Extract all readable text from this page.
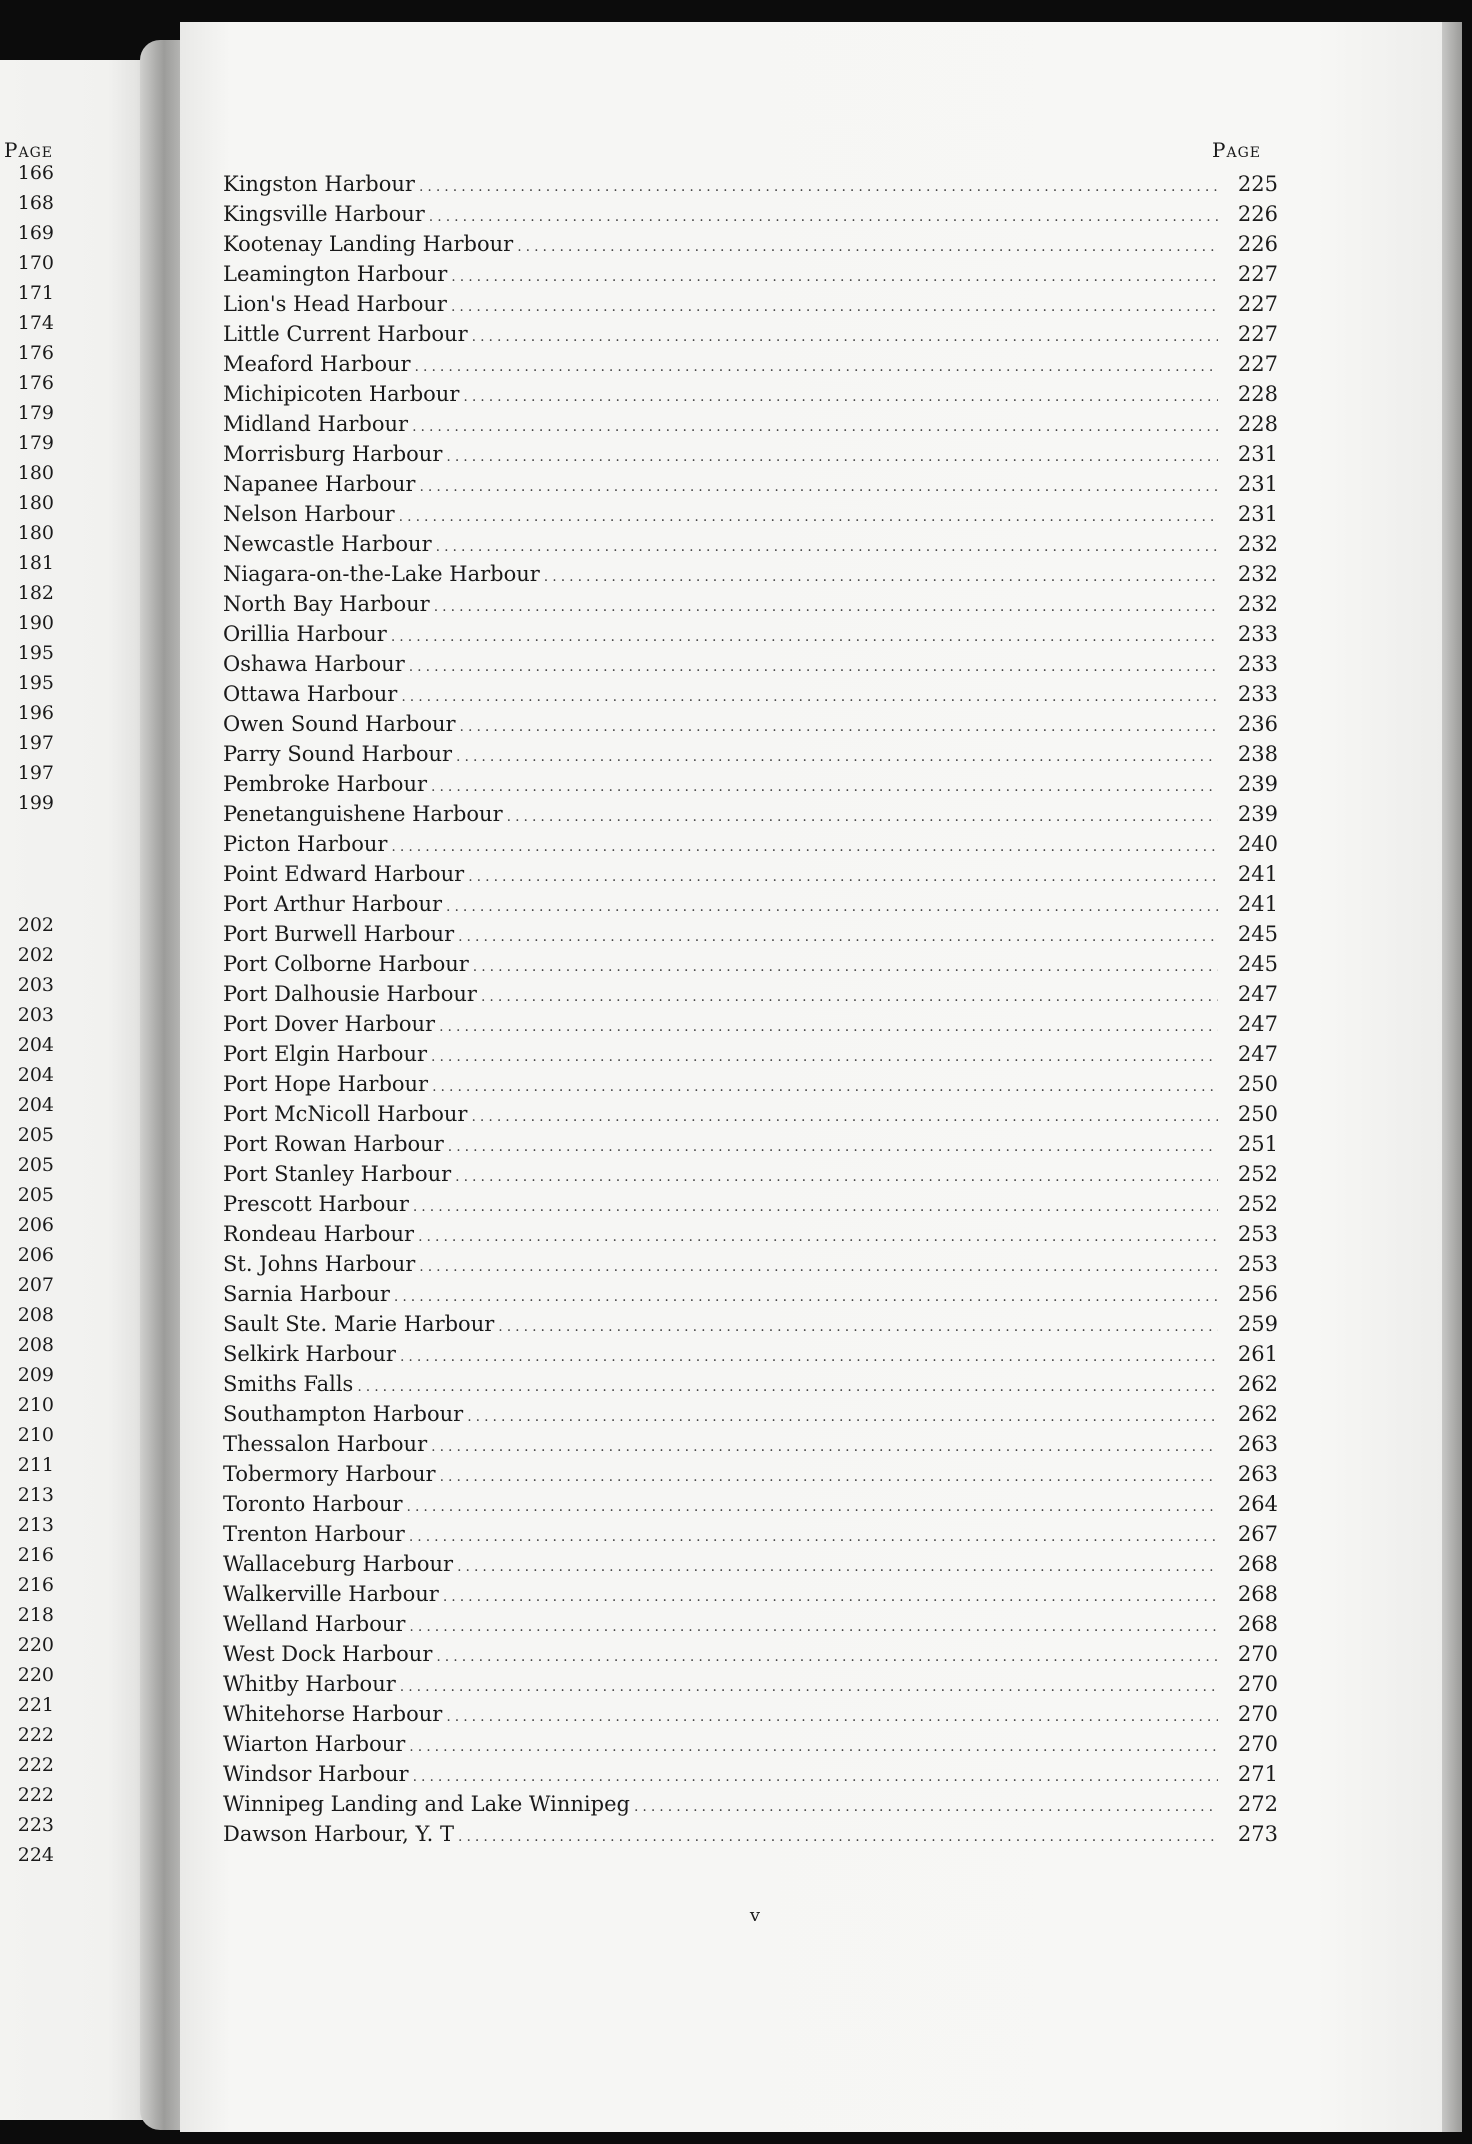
Page
166
168
169
170
171
174
176
176
179
179
180
180
180
181
182
190
195
195
196
197
197
199
202
202
203
203
204
204
204
205
205
205
206
206
207
208
208
209
210
210
211
213
213
216
216
218
220
220
221
222
222
222
223
224
Page
Kingston Harbour .....	225
Kingsville Harbour .....	226
Kootenay Landing Harbour .....	226
Leamington Harbour .....	227
Lion's Head Harbour .....	227
Little Current Harbour .....	227
Meaford Harbour .....	227
Michipicoten Harbour .....	228
Midland Harbour .....	228
Morrisburg Harbour .....	231
Napanee Harbour .....	231
Nelson Harbour .....	231
Newcastle Harbour .....	232
Niagara-on-the-Lake Harbour .....	232
North Bay Harbour .....	232
Orillia Harbour .....	233
Oshawa Harbour .....	233
Ottawa Harbour .....	233
Owen Sound Harbour .....	236
Parry Sound Harbour .....	238
Pembroke Harbour .....	239
Penetanguishene Harbour .....	239
Picton Harbour .....	240
Point Edward Harbour .....	241
Port Arthur Harbour .....	241
Port Burwell Harbour .....	245
Port Colborne Harbour .....	245
Port Dalhousie Harbour .....	247
Port Dover Harbour .....	247
Port Elgin Harbour .....	247
Port Hope Harbour .....	250
Port McNicoll Harbour .....	250
Port Rowan Harbour .....	251
Port Stanley Harbour .....	252
Prescott Harbour .....	252
Rondeau Harbour .....	253
St. Johns Harbour .....	253
Sarnia Harbour .....	256
Sault Ste. Marie Harbour .....	259
Selkirk Harbour .....	261
Smiths Falls .....	262
Southampton Harbour .....	262
Thessalon Harbour .....	263
Tobermory Harbour .....	263
Toronto Harbour .....	264
Trenton Harbour .....	267
Wallaceburg Harbour .....	268
Walkerville Harbour .....	268
Welland Harbour .....	268
West Dock Harbour .....	270
Whitby Harbour .....	270
Whitehorse Harbour .....	270
Wiarton Harbour .....	270
Windsor Harbour .....	271
Winnipeg Landing and Lake Winnipeg .....	272
Dawson Harbour, Y. T .....	273
v
